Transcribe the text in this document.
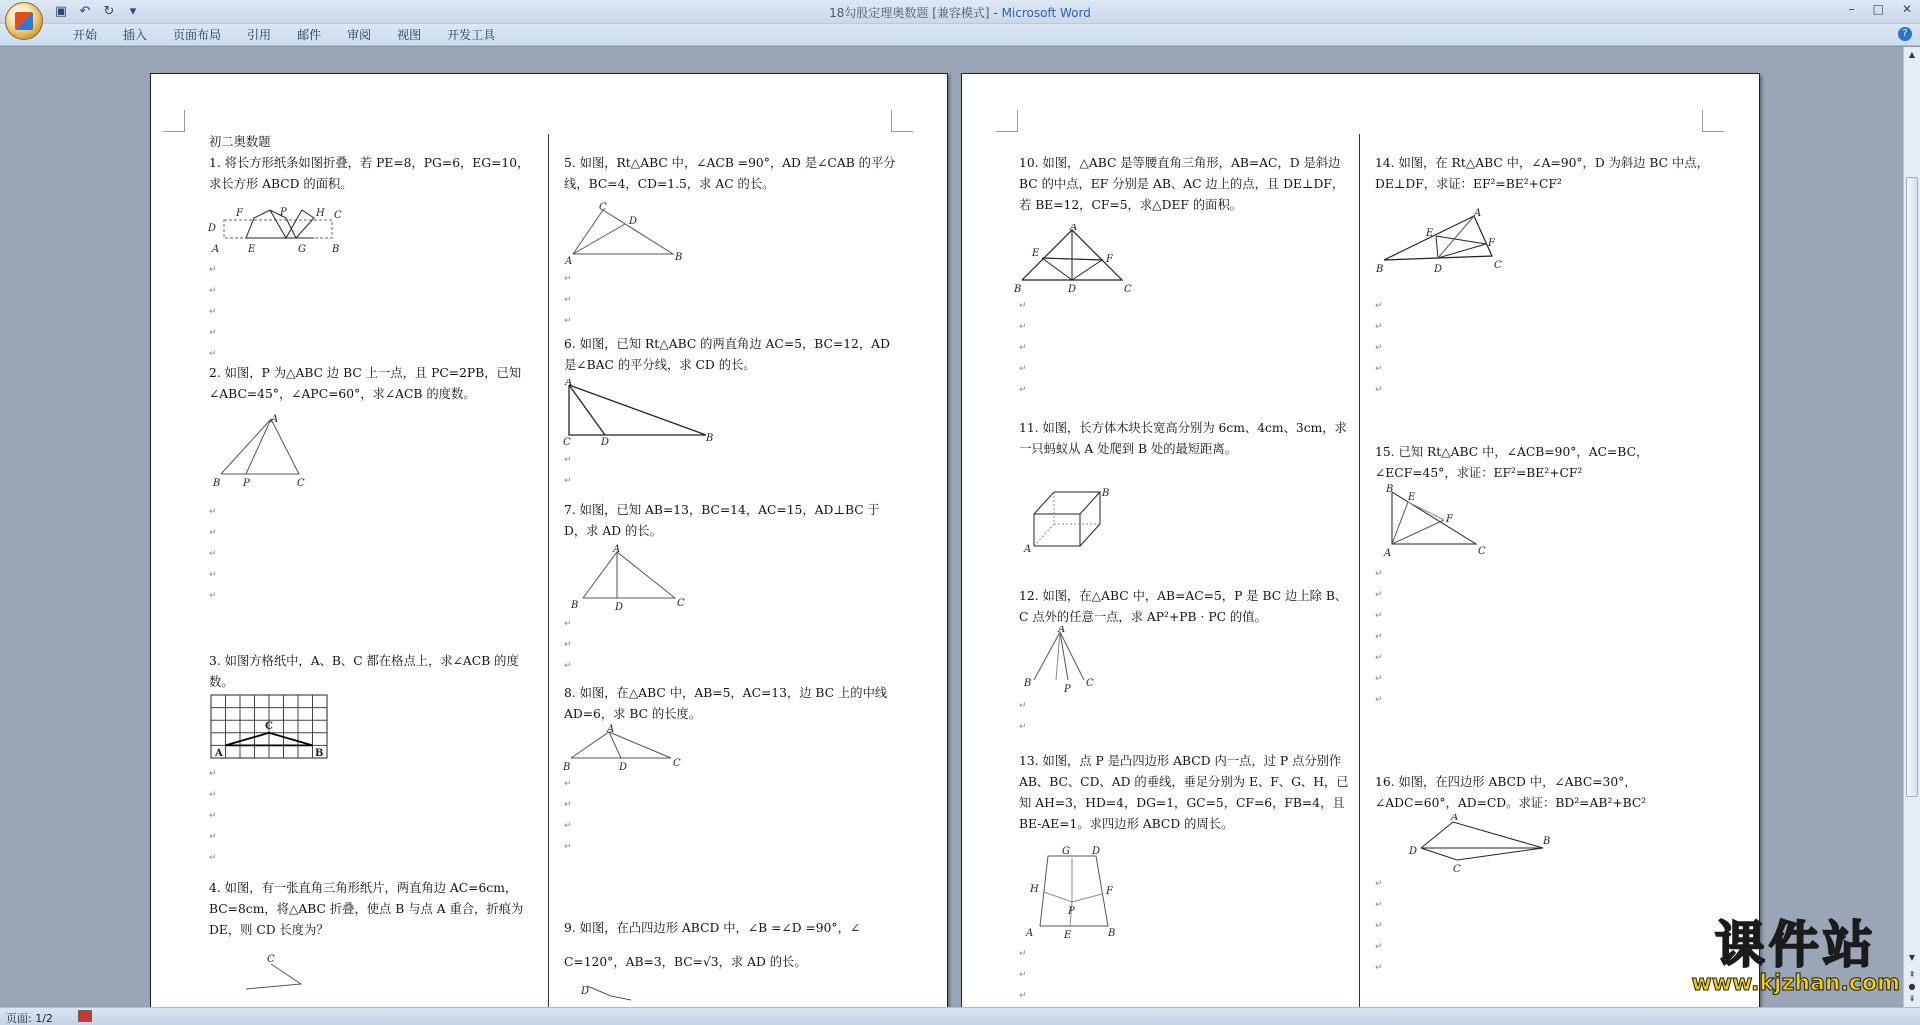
▣ ↶ ↻	▾	18勾股定理奥数题 [兼容模式] - Microsoft Word	– □ ✕
开始	插入	页面布局	引用	邮件	审阅	视图	开发工具	?
初二奥数题
1. 将长方形纸条如图折叠，若 PE=8，PG=6，EG=10，求长方形 ABCD 的面积。
D
F	P	H C
A	E	G	B
↵
↵
↵
↵
↵
2. 如图，P 为△ABC 边 BC 上一点，且 PC=2PB，已知∠ABC=45°，∠APC=60°，求∠ACB 的度数。
A
B P	C
↵
↵
↵
↵
↵
3. 如图方格纸中，A、B、C 都在格点上，求∠ACB 的度数。
C
A	B
↵
↵
↵
↵
↵
4. 如图，有一张直角三角形纸片，两直角边 AC=6cm，BC=8cm，将△ABC 折叠，使点 B 与点 A 重合，折痕为 DE，则 CD 长度为？
C
5. 如图，Rt△ABC 中，∠ACB =90°，AD 是∠CAB 的平分线，BC=4，CD=1.5，求 AC 的长。
C
D
A	B
↵
↵
↵
6. 如图，已知 Rt△ABC 的两直角边 AC=5，BC=12，AD 是∠BAC 的平分线，求 CD 的长。
A
C	D	B
↵
↵
7. 如图，已知 AB=13，BC=14，AC=15，AD⊥BC 于 D，求 AD 的长。
A
B	D	C
↵
↵
↵
8. 如图，在△ABC 中，AB=5，AC=13，边 BC 上的中线 AD=6，求 BC 的长度。
A
B	D	C
↵
↵
↵
↵
9. 如图，在凸四边形 ABCD 中，∠B =∠D =90°，∠
C=120°，AB=3，BC=√3，求 AD 的长。
D
10. 如图，△ABC 是等腰直角三角形，AB=AC，D 是斜边 BC 的中点，EF 分别是 AB、AC 边上的点，且 DE⊥DF，若 BE=12，CF=5，求△DEF 的面积。
A
E
F
B	D	C
↵
↵
↵
↵
↵
11. 如图，长方体木块长宽高分别为 6cm、4cm、3cm，求一只蚂蚁从 A 处爬到 B 处的最短距离。
B
A
12. 如图，在△ABC 中，AB=AC=5，P 是 BC 边上除 B、C 点外的任意一点，求 AP²+PB · PC 的值。
A
B
P
C
↵
↵
13. 如图，点 P 是凸四边形 ABCD 内一点，过 P 点分别作 AB、BC、CD、AD 的垂线，垂足分别为 E、F、G、H，已知 AH=3，HD=4，DG=1，GC=5，CF=6，FB=4，且 BE-AE=1。求四边形 ABCD 的周长。
G D
H	F
P
A	E	B
↵
↵
↵
14. 如图，在 Rt△ABC 中，∠A=90°，D 为斜边 BC 中点，DE⊥DF，求证：EF²=BE²+CF²
A
E
F
B	D	C
↵
↵
↵
↵
↵
15. 已知 Rt△ABC 中，∠ACB=90°，AC=BC，∠ECF=45°，求证：EF²=BE²+CF²
B
E
F
A	C
↵
↵
↵
↵
↵
↵
↵
16. 如图，在四边形 ABCD 中，∠ABC=30°，∠ADC=60°，AD=CD。求证：BD²=AB²+BC²
A
B
D
C
↵
↵
↵
↵
↵
▲
▼
⇞
●
⇟
课件站
www.kjzhan.com
页面: 1/2
